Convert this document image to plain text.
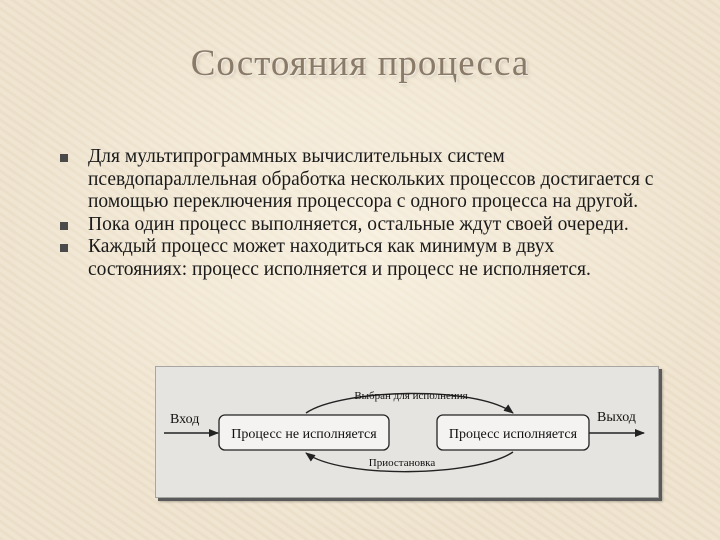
Состояния процесса
Для мультипрограммных вычислительных систем псевдопараллельная обработка нескольких процессов достигается с помощью переключения процессора с одного процесса на другой.
Пока один процесс выполняется, остальные ждут своей очереди.
Каждый процесс может находиться как минимум в двух состояниях: процесс исполняется и процесс не исполняется.
Вход
Процесс не исполняется	Процесс исполняется
Выход
Выбран для исполнения
Приостановка
